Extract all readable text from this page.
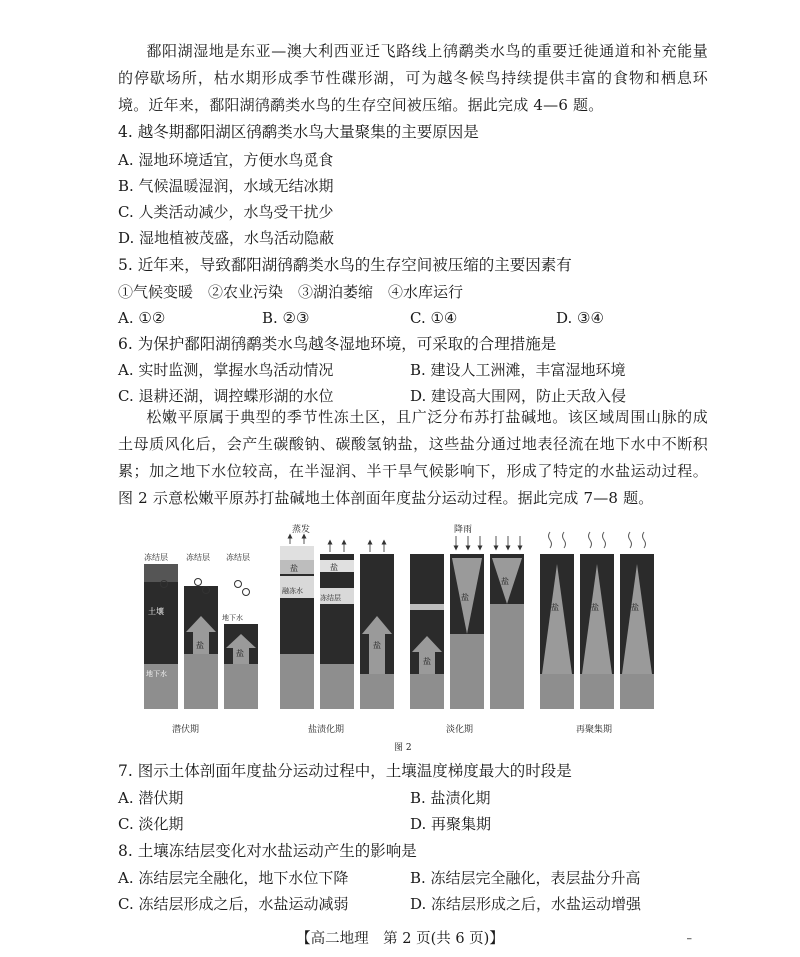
鄱阳湖湿地是东亚—澳大利西亚迁飞路线上鸻鹬类水鸟的重要迁徙通道和补充能量的停歇场所，枯水期形成季节性碟形湖，可为越冬候鸟持续提供丰富的食物和栖息环境。近年来，鄱阳湖鸻鹬类水鸟的生存空间被压缩。据此完成 4—6 题。
4. 越冬期鄱阳湖区鸻鹬类水鸟大量聚集的主要原因是
A. 湿地环境适宜，方便水鸟觅食
B. 气候温暖湿润，水域无结冰期
C. 人类活动减少，水鸟受干扰少
D. 湿地植被茂盛，水鸟活动隐蔽
5. 近年来，导致鄱阳湖鸻鹬类水鸟的生存空间被压缩的主要因素有
①气候变暖　②农业污染　③湖泊萎缩　④水库运行
A. ①②	B. ②③	C. ①④	D. ③④
6. 为保护鄱阳湖鸻鹬类水鸟越冬湿地环境，可采取的合理措施是
A. 实时监测，掌握水鸟活动情况	B. 建设人工洲滩，丰富湿地环境
C. 退耕还湖，调控蝶形湖的水位	D. 建设高大围网，防止天敌入侵
松嫩平原属于典型的季节性冻土区，且广泛分布苏打盐碱地。该区域周围山脉的成土母质风化后，会产生碳酸钠、碳酸氢钠盐，这些盐分通过地表径流在地下水中不断积累；加之地下水位较高，在半湿润、半干旱气候影响下，形成了特定的水盐运动过程。图 2 示意松嫩平原苏打盐碱地土体剖面年度盐分运动过程。据此完成 7—8 题。
冻结层 冻结层 冻结层
土壤
地下水
地下水
盐
盐
潜伏期
蒸发
盐
融冻水
盐
冻结层
盐
盐渍化期
降雨
盐
盐
盐
淡化期
盐	盐	盐
再聚集期
图 2
7. 图示土体剖面年度盐分运动过程中，土壤温度梯度最大的时段是
A. 潜伏期	B. 盐渍化期
C. 淡化期	D. 再聚集期
8. 土壤冻结层变化对水盐运动产生的影响是
A. 冻结层完全融化，地下水位下降	B. 冻结层完全融化，表层盐分升高
C. 冻结层形成之后，水盐运动减弱	D. 冻结层形成之后，水盐运动增强
【高二地理　第 2 页(共 6 页)】	–
